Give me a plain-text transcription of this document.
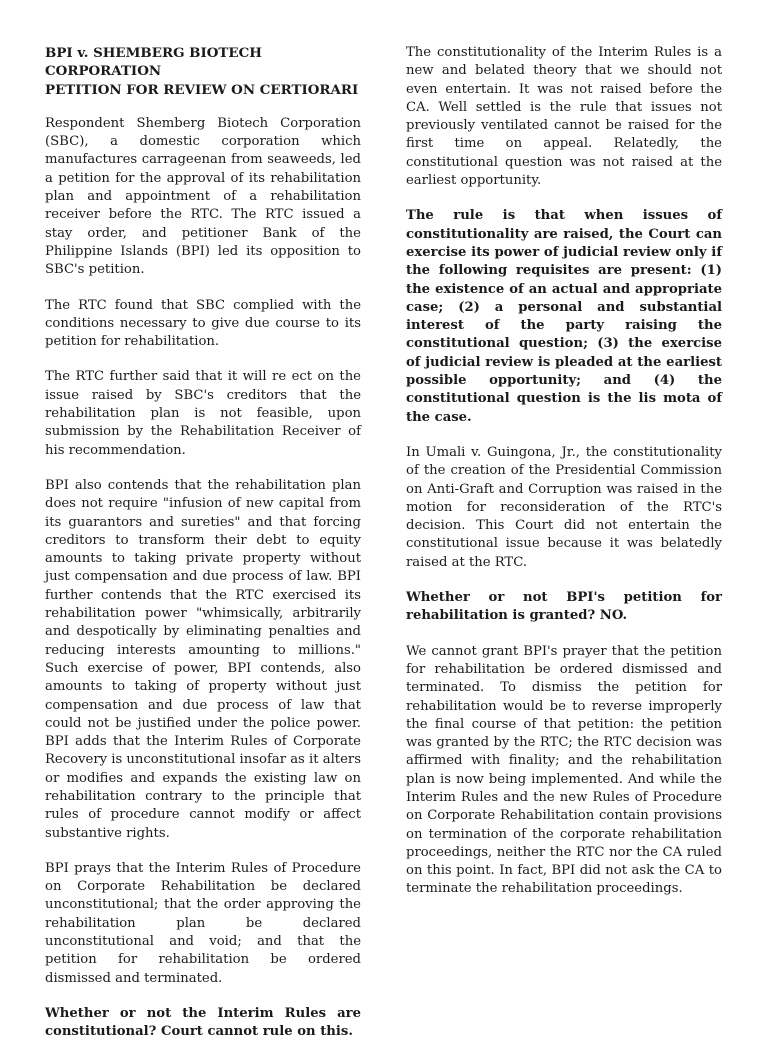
BPI v. SHEMBERG BIOTECH CORPORATION
PETITION FOR REVIEW ON CERTIORARI

Respondent Shemberg Biotech Corporation (SBC), a domestic corporation which manufactures carrageenan from seaweeds, led a petition for the approval of its rehabilitation plan and appointment of a rehabilitation receiver before the RTC. The RTC issued a stay order, and petitioner Bank of the Philippine Islands (BPI) led its opposition to SBC's petition.

The RTC found that SBC complied with the conditions necessary to give due course to its petition for rehabilitation.

The RTC further said that it will re ect on the issue raised by SBC's creditors that the rehabilitation plan is not feasible, upon submission by the Rehabilitation Receiver of his recommendation.

BPI also contends that the rehabilitation plan does not require "infusion of new capital from its guarantors and sureties" and that forcing creditors to transform their debt to equity amounts to taking private property without just compensation and due process of law. BPI further contends that the RTC exercised its rehabilitation power "whimsically, arbitrarily and despotically by eliminating penalties and reducing interests amounting to millions." Such exercise of power, BPI contends, also amounts to taking of property without just compensation and due process of law that could not be justified under the police power. BPI adds that the Interim Rules of Corporate Recovery is unconstitutional insofar as it alters or modifies and expands the existing law on rehabilitation contrary to the principle that rules of procedure cannot modify or affect substantive rights.

BPI prays that the Interim Rules of Procedure on Corporate Rehabilitation be declared unconstitutional; that the order approving the rehabilitation plan be declared unconstitutional and void; and that the petition for rehabilitation be ordered dismissed and terminated.

Whether or not the Interim Rules are constitutional? Court cannot rule on this.

The constitutionality of the Interim Rules is a new and belated theory that we should not even entertain. It was not raised before the CA. Well settled is the rule that issues not previously ventilated cannot be raised for the first time on appeal. Relatedly, the constitutional question was not raised at the earliest opportunity.

The rule is that when issues of constitutionality are raised, the Court can exercise its power of judicial review only if the following requisites are present: (1) the existence of an actual and appropriate case; (2) a personal and substantial interest of the party raising the constitutional question; (3) the exercise of judicial review is pleaded at the earliest possible opportunity; and (4) the constitutional question is the lis mota of the case.

In Umali v. Guingona, Jr., the constitutionality of the creation of the Presidential Commission on Anti-Graft and Corruption was raised in the motion for reconsideration of the RTC's decision. This Court did not entertain the constitutional issue because it was belatedly raised at the RTC.

Whether or not BPI's petition for rehabilitation is granted? NO.

We cannot grant BPI's prayer that the petition for rehabilitation be ordered dismissed and terminated. To dismiss the petition for rehabilitation would be to reverse improperly the final course of that petition: the petition was granted by the RTC; the RTC decision was affirmed with finality; and the rehabilitation plan is now being implemented. And while the Interim Rules and the new Rules of Procedure on Corporate Rehabilitation contain provisions on termination of the corporate rehabilitation proceedings, neither the RTC nor the CA ruled on this point. In fact, BPI did not ask the CA to terminate the rehabilitation proceedings.
